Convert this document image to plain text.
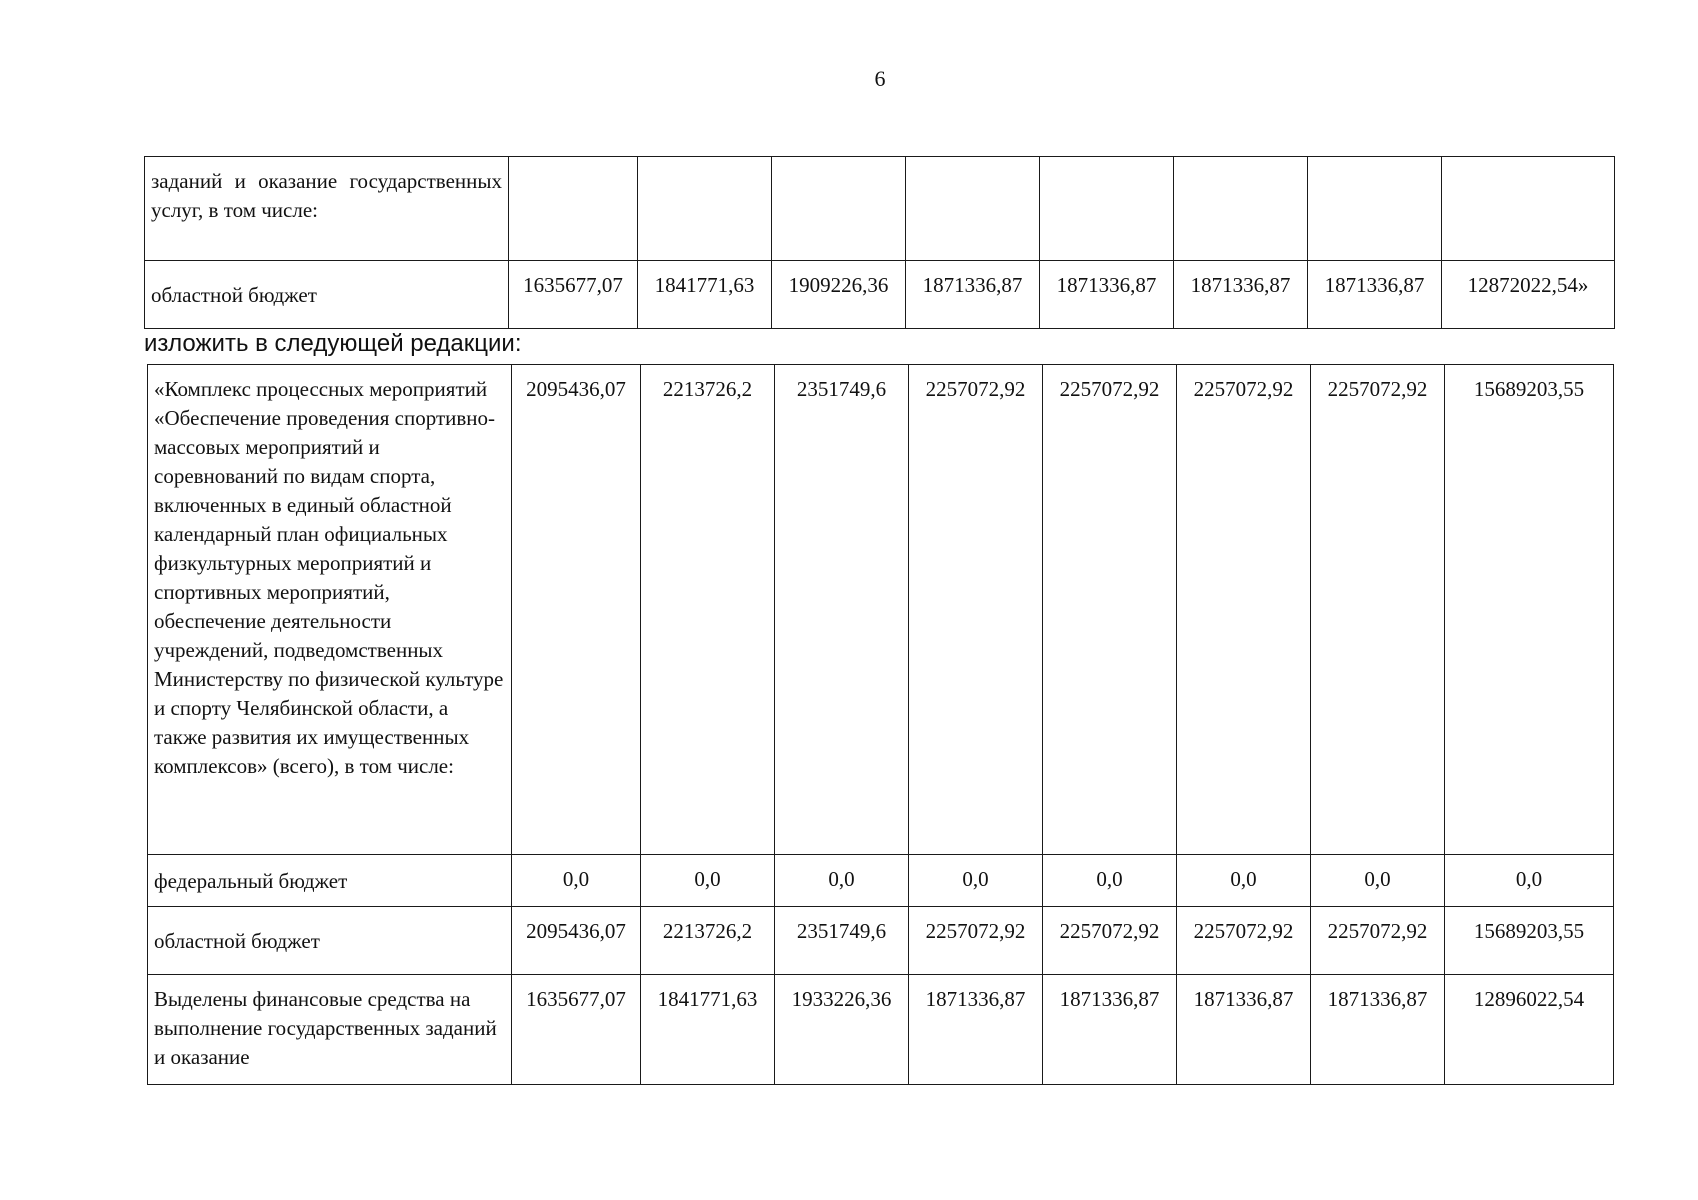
6
заданий и оказание государственных услуг, в том числе:								
областной бюджет	1635677,07	1841771,63	1909226,36	1871336,87	1871336,87	1871336,87	1871336,87	12872022,54»
изложить в следующей редакции:
«Комплекс процессных мероприятий «Обеспечение проведения спортивно-массовых мероприятий и соревнований по видам спорта, включенных в единый областной календарный план официальных физкультурных мероприятий и спортивных мероприятий, обеспечение деятельности учреждений, подведомственных Министерству по физической культуре и спорту Челябинской области, а также развития их имущественных комплексов» (всего), в том числе:	2095436,07	2213726,2	2351749,6	2257072,92	2257072,92	2257072,92	2257072,92	15689203,55
федеральный бюджет	0,0	0,0	0,0	0,0	0,0	0,0	0,0	0,0
областной бюджет	2095436,07	2213726,2	2351749,6	2257072,92	2257072,92	2257072,92	2257072,92	15689203,55
Выделены финансовые средства на выполнение государственных заданий и оказание	1635677,07	1841771,63	1933226,36	1871336,87	1871336,87	1871336,87	1871336,87	12896022,54
